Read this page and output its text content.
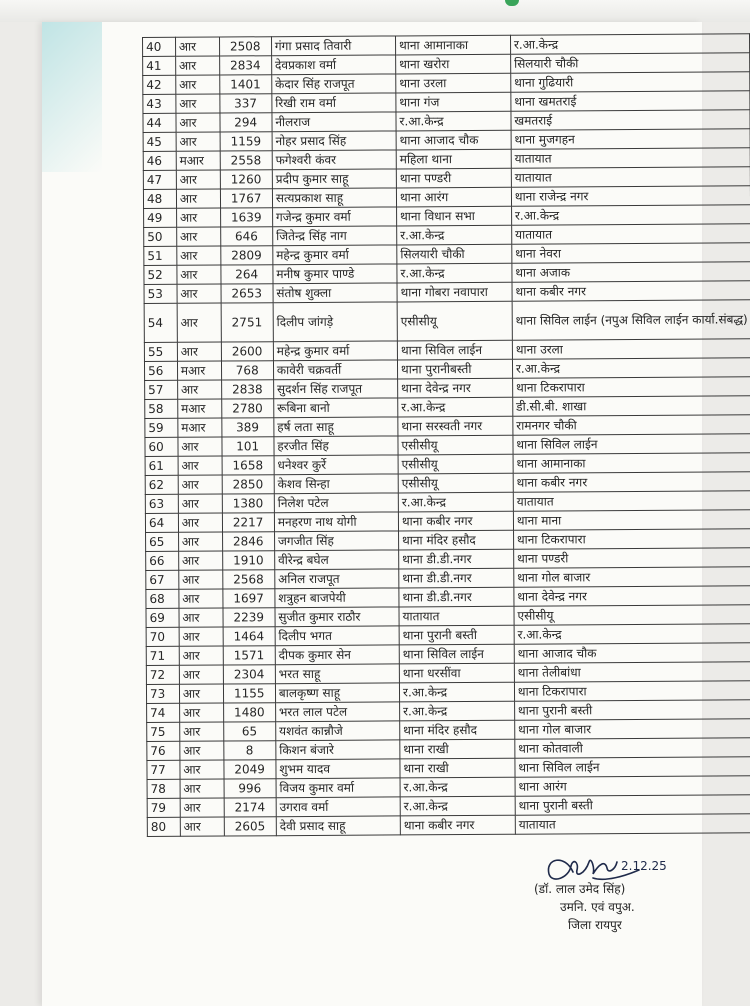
40	आर	2508	गंगा प्रसाद तिवारी	थाना आमानाका	र.आ.केन्द्र
41	आर	2834	देवप्रकाश वर्मा	थाना खरोरा	सिलयारी चौकी
42	आर	1401	केदार सिंह राजपूत	थाना उरला	थाना गुढियारी
43	आर	337	रिखी राम वर्मा	थाना गंज	थाना खमतराई
44	आर	294	नीलराज	र.आ.केन्द्र	खमतराई
45	आर	1159	नोहर प्रसाद सिंह	थाना आजाद चौक	थाना मुजगहन
46	मआर	2558	फगेश्वरी कंवर	महिला थाना	यातायात
47	आर	1260	प्रदीप कुमार साहू	थाना पण्डरी	यातायात
48	आर	1767	सत्यप्रकाश साहू	थाना आरंग	थाना राजेन्द्र नगर
49	आर	1639	गजेन्द्र कुमार वर्मा	थाना विधान सभा	र.आ.केन्द्र
50	आर	646	जितेन्द्र सिंह नाग	र.आ.केन्द्र	यातायात
51	आर	2809	महेन्द्र कुमार वर्मा	सिलयारी चौकी	थाना नेवरा
52	आर	264	मनीष कुमार पाण्डे	र.आ.केन्द्र	थाना अजाक
53	आर	2653	संतोष शुक्ला	थाना गोबरा नवापारा	थाना कबीर नगर
54	आर	2751	दिलीप जांगड़े	एसीसीयू	थाना सिविल लाईन (नपुअ सिविल लाईन कार्या.संबद्ध)
55	आर	2600	महेन्द्र कुमार वर्मा	थाना सिविल लाईन	थाना उरला
56	मआर	768	कावेरी चक्रवर्ती	थाना पुरानीबस्ती	र.आ.केन्द्र
57	आर	2838	सुदर्शन सिंह राजपूत	थाना देवेन्द्र नगर	थाना टिकरापारा
58	मआर	2780	रूबिना बानो	र.आ.केन्द्र	डी.सी.बी. शाखा
59	मआर	389	हर्ष लता साहू	थाना सरस्वती नगर	रामनगर चौकी
60	आर	101	हरजीत सिंह	एसीसीयू	थाना सिविल लाईन
61	आर	1658	धनेश्वर कुर्रे	एसीसीयू	थाना आमानाका
62	आर	2850	केशव सिन्हा	एसीसीयू	थाना कबीर नगर
63	आर	1380	निलेश पटेल	र.आ.केन्द्र	यातायात
64	आर	2217	मनहरण नाथ योगी	थाना कबीर नगर	थाना माना
65	आर	2846	जगजीत सिंह	थाना मंदिर हसौद	थाना टिकरापारा
66	आर	1910	वीरेन्द्र बघेल	थाना डी.डी.नगर	थाना पण्डरी
67	आर	2568	अनिल राजपूत	थाना डी.डी.नगर	थाना गोल बाजार
68	आर	1697	शत्रुहन बाजपेयी	थाना डी.डी.नगर	थाना देवेन्द्र नगर
69	आर	2239	सुजीत कुमार राठौर	यातायात	एसीसीयू
70	आर	1464	दिलीप भगत	थाना पुरानी बस्ती	र.आ.केन्द्र
71	आर	1571	दीपक कुमार सेन	थाना सिविल लाईन	थाना आजाद चौक
72	आर	2304	भरत साहू	थाना धरसींवा	थाना तेलीबांधा
73	आर	1155	बालकृष्ण साहू	र.आ.केन्द्र	थाना टिकरापारा
74	आर	1480	भरत लाल पटेल	र.आ.केन्द्र	थाना पुरानी बस्ती
75	आर	65	यशवंत कान्नौजे	थाना मंदिर हसौद	थाना गोल बाजार
76	आर	8	किशन बंजारे	थाना राखी	थाना कोतवाली
77	आर	2049	शुभम यादव	थाना राखी	थाना सिविल लाईन
78	आर	996	विजय कुमार वर्मा	र.आ.केन्द्र	थाना आरंग
79	आर	2174	उगराव वर्मा	र.आ.केन्द्र	थाना पुरानी बस्ती
80	आर	2605	देवी प्रसाद साहू	थाना कबीर नगर	यातायात
2.12.25
(डॉ. लाल उमेद सिंह)
उमनि. एवं वपुअ.
जिला रायपुर
